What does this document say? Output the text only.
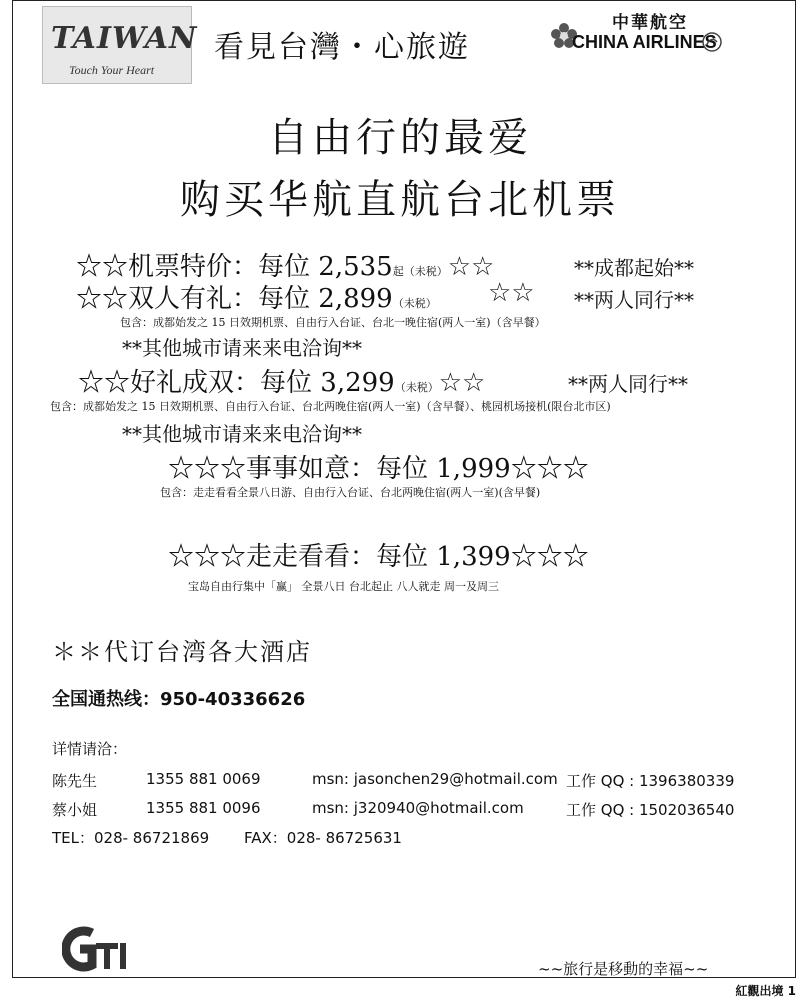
TAIWAN
Touch Your Heart
看見台灣・心旅遊
中華航空
CHINA AIRLINES
自由行的最爱
购买华航直航台北机票
☆☆机票特价：每位 2,535起（未税）☆☆	**成都起始**
☆☆双人有礼：每位 2,899（未税） ☆☆ **两人同行**
包含：成都始发之 15 日效期机票、自由行入台证、台北一晚住宿(两人一室)（含早餐）
**其他城市请来来电洽询**
☆☆好礼成双：每位 3,299（未税）☆☆	**两人同行**
包含：成都始发之 15 日效期机票、自由行入台证、台北两晚住宿(两人一室)（含早餐）、桃园机场接机(限台北市区)
**其他城市请来来电洽询**
☆☆☆事事如意：每位 1,999☆☆☆
包含：走走看看全景八日游、自由行入台证、台北两晚住宿(两人一室)(含早餐)
☆☆☆走走看看：每位 1,399☆☆☆
宝岛自由行集中「赢」 全景八日 台北起止 八人就走 周一及周三
＊＊代订台湾各大酒店
全国通热线：950-40336626
详情请洽：
陈先生	1355 881 0069	msn: jasonchen29@hotmail.com 工作 QQ : 1396380339
蔡小姐	1355 881 0096	msn: j320940@hotmail.com	工作 QQ : 1502036540
TEL：028- 86721869 FAX：028- 86725631
~~旅行是移動的幸福~~
紅觀出境 1
